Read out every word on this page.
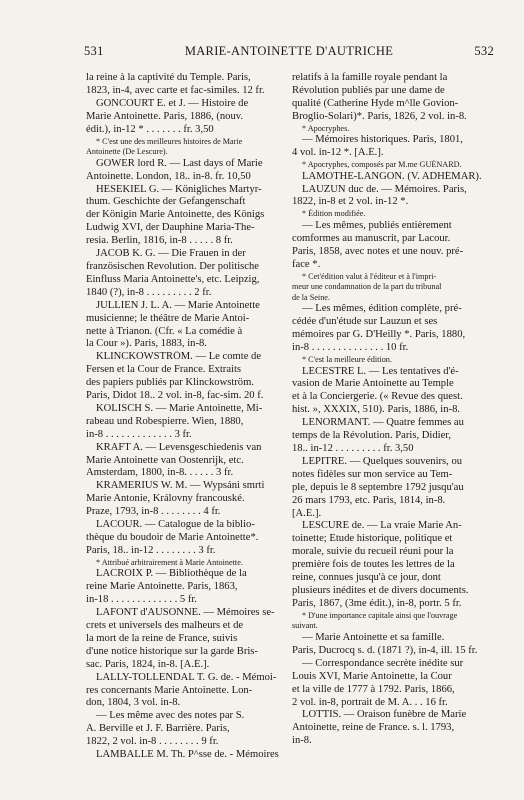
531	MARIE-ANTOINETTE D'AUTRICHE	532
la reine à la captivité du Temple. Paris,
1823, in-4, avec carte et fac-similes. 12 fr.
GONCOURT E. et J. — Histoire de
Marie Antoinette. Paris, 1886, (nouv.
édit.), in-12 * . . . . . . . fr. 3,50
* C'est une des meilleures histoires de Marie
Antoinette (De Lescure).
GOWER lord R. — Last days of Marie
Antoinette. London, 18.. in-8. fr. 10,50
HESEKIEL G. — Königliches Martyr-
thum. Geschichte der Gefangenschaft
der Königin Marie Antoinette, des Königs
Ludwig XVI, der Dauphine Maria-The-
resia. Berlin, 1816, in-8 . . . . . 8 fr.
JACOB K. G. — Die Frauen in der
französischen Revolution. Der politische
Einfluss Maria Antoinette's, etc. Leipzig,
1840 (?), in-8 . . . . . . . . . 2 fr.
JULLIEN J. L. A. — Marie Antoinette
musicienne; le théâtre de Marie Antoi-
nette à Trianon. (Cfr. « La comédie à
la Cour »). Paris, 1883, in-8.
KLINCKOWSTRÖM. — Le comte de
Fersen et la Cour de France. Extraits
des papiers publiés par Klinckowström.
Paris, Didot 18.. 2 vol. in-8, fac-sim. 20 f.
KOLISCH S. — Marie Antoinette, Mi-
rabeau und Robespierre. Wien, 1880,
in-8 . . . . . . . . . . . . . 3 fr.
KRAFT A. — Levensgeschiedenis van
Marie Antoinette van Oostenrijk, etc.
Amsterdam, 1800, in-8. . . . . . 3 fr.
KRAMERIUS W. M. — Wypsáni smrti
Marie Antonie, Královny francouské.
Praze, 1793, in-8 . . . . . . . . 4 fr.
LACOUR. — Catalogue de la biblio-
thèque du boudoir de Marie Antoinette*.
Paris, 18.. in-12 . . . . . . . . 3 fr.
* Attribué arbitrairement à Marie Antoinette.
LACROIX P. — Bibliothèque de la
reine Marie Antoinette. Paris, 1863,
in-18 . . . . . . . . . . . . . 5 fr.
LAFONT d'AUSONNE. — Mémoires se-
crets et universels des malheurs et de
la mort de la reine de France, suivis
d'une notice historique sur la garde Bris-
sac. Paris, 1824, in-8. [A.É.].
LALLY-TOLLENDAL T. G. de. - Mémoi-
res concernants Marie Antoinette. Lon-
don, 1804, 3 vol. in-8.
— Les même avec des notes par S.
A. Berville et J. F. Barrière. Paris,
1822, 2 vol. in-8 . . . . . . . . 9 fr.
LAMBALLE M. Th. P^sse de. - Mémoires
relatifs à la famille royale pendant la
Révolution publiés par une dame de
qualité (Catherine Hyde m^lle Govion-
Broglio-Solari)*. Paris, 1826, 2 vol. in-8.
* Apocryphes.
— Mémoires historiques. Paris, 1801,
4 vol. in-12 *. [A.É.].
* Apocryphes, composés par M.me GUÉNARD.
LAMOTHE-LANGON. (V. ADHÉMAR).
LAUZUN duc de. — Mémoires. Paris,
1822, in-8 et 2 vol. in-12 *.
* Édition modifiée.
— Les mêmes, publiés entièrement
comformes au manuscrit, par Lacour.
Paris, 1858, avec notes et une nouv. pré-
face *.
* Cet'édition valut à l'éditeur et à l'impri-
meur une condamnation de la part du tribunal
de la Seine.
— Les mêmes, édition complète, pré-
cédée d'un'étude sur Lauzun et ses
mémoires par G. D'Heilly *. Paris, 1880,
in-8 . . . . . . . . . . . . . . 10 fr.
* C'est la meilleure édition.
LECESTRE L. — Les tentatives d'é-
vasion de Marie Antoinette au Temple
et à la Conciergerie. (« Revue des quest.
hist. », XXXIX, 510). Paris, 1886, in-8.
LENORMANT. — Quatre femmes au
temps de la Révolution. Paris, Didier,
18.. in-12 . . . . . . . . . fr. 3,50
LEPITRE. — Quelques souvenirs, ou
notes fidèles sur mon service au Tem-
ple, depuis le 8 septembre 1792 jusqu'au
26 mars 1793, etc. Paris, 1814, in-8.
[A.É.].
LESCURE de. — La vraie Marie An-
toinette; Étude historique, politique et
morale, suivie du recueil réuni pour la
première fois de toutes les lettres de la
reine, connues jusqu'à ce jour, dont
plusieurs inédites et de divers documents.
Paris, 1867, (3me édit.), in-8, portr. 5 fr.
* D'une importance capitale ainsi que l'ouvrage
suivant.
— Marie Antoinette et sa famille.
Paris, Ducrocq s. d. (1871 ?), in-4, ill. 15 fr.
— Correspondance secrète inédite sur
Louis XVI, Marie Antoinette, la Cour
et la ville de 1777 à 1792. Paris, 1866,
2 vol. in-8, portrait de M. A. . . 16 fr.
LOTTIS. — Oraison funèbre de Marie
Antoinette, reine de France. s. l. 1793,
in-8.
